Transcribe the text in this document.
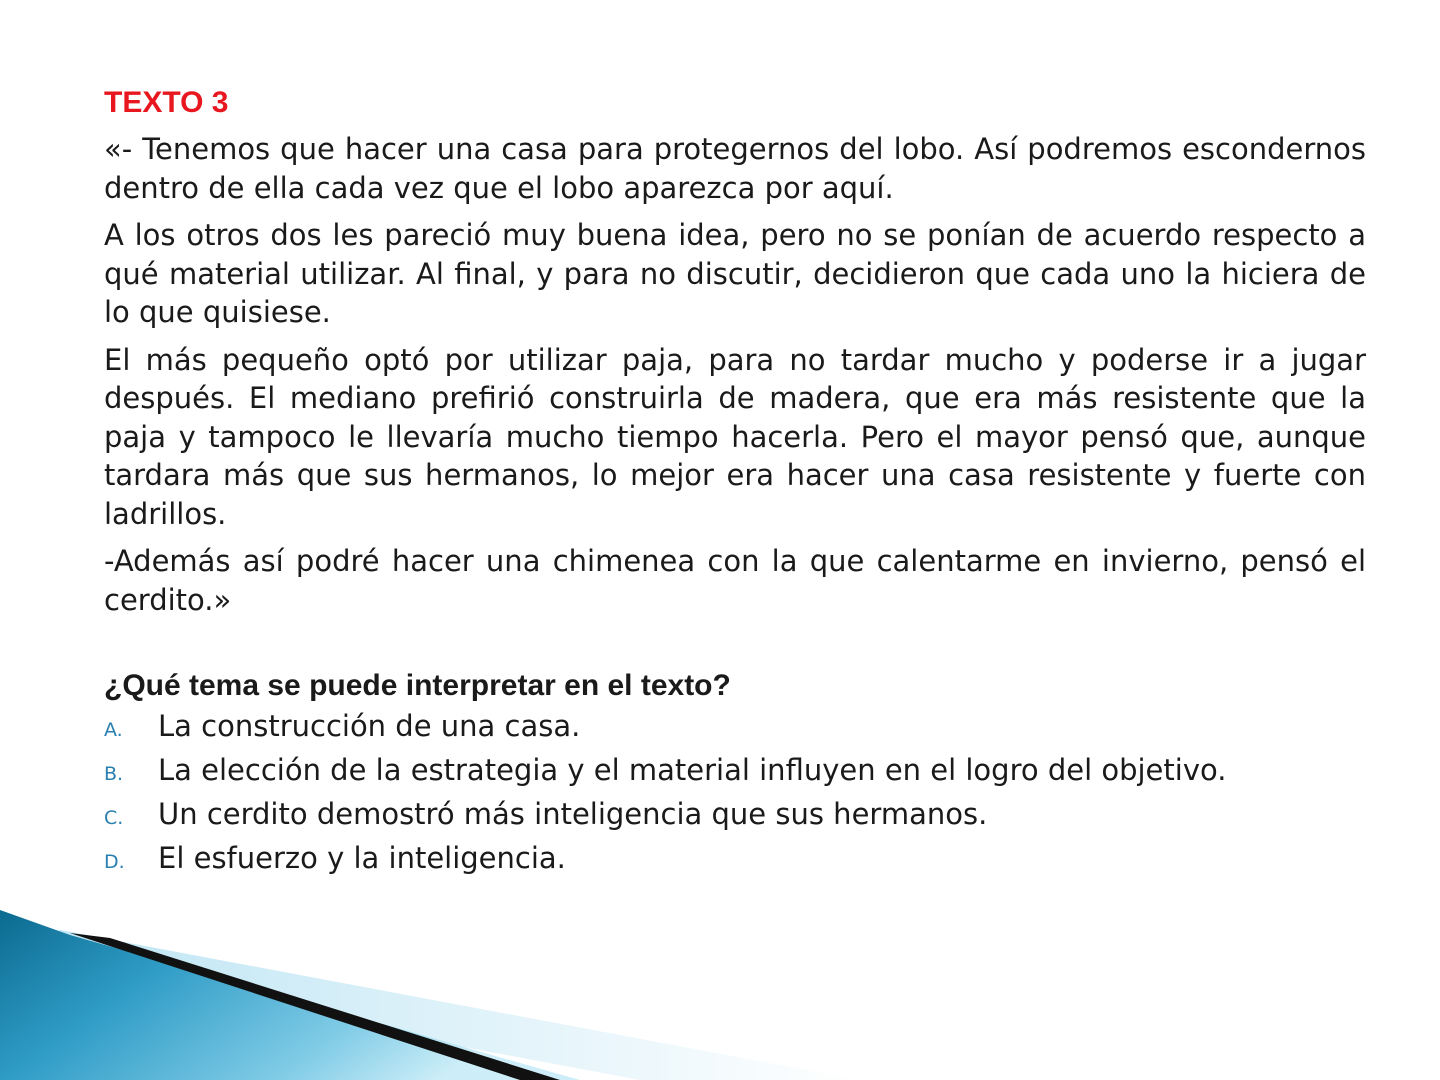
TEXTO 3

«- Tenemos que hacer una casa para protegernos del lobo. Así podremos escondernos dentro de ella cada vez que el lobo aparezca por aquí.

A los otros dos les pareció muy buena idea, pero no se ponían de acuerdo respecto a qué material utilizar. Al final, y para no discutir, decidieron que cada uno la hiciera de lo que quisiese.

El más pequeño optó por utilizar paja, para no tardar mucho y poderse ir a jugar después. El mediano prefirió construirla de madera, que era más resistente que la paja y tampoco le llevaría mucho tiempo hacerla. Pero el mayor pensó que, aunque tardara más que sus hermanos, lo mejor era hacer una casa resistente y fuerte con ladrillos.

-Además así podré hacer una chimenea con la que calentarme en invierno, pensó el cerdito.»

¿Qué tema se puede interpretar en el texto?
A.	La construcción de una casa.
B.	La elección de la estrategia y el material influyen en el logro del objetivo.
C.	Un cerdito demostró más inteligencia que sus hermanos.
D.	El esfuerzo y la inteligencia.
